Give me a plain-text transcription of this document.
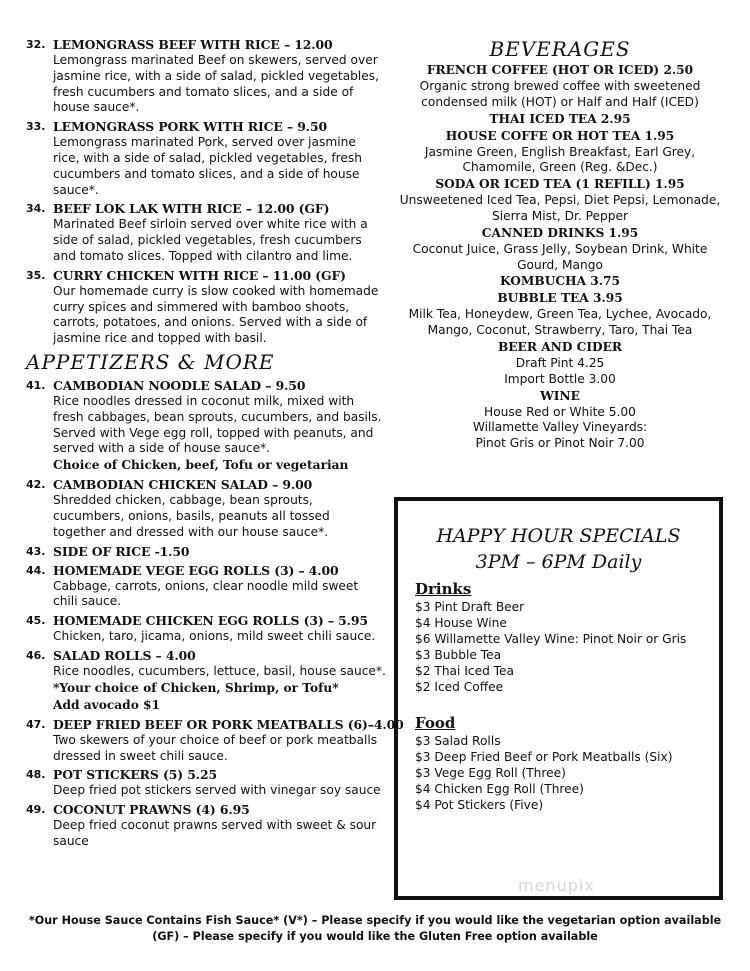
32. LEMONGRASS BEEF WITH RICE – 12.00
Lemongrass marinated Beef on skewers, served over jasmine rice, with a side of salad, pickled vegetables, fresh cucumbers and tomato slices, and a side of house sauce*.
33. LEMONGRASS PORK WITH RICE – 9.50
Lemongrass marinated Pork, served over jasmine rice, with a side of salad, pickled vegetables, fresh cucumbers and tomato slices, and a side of house sauce*.
34. BEEF LOK LAK WITH RICE – 12.00 (GF)
Marinated Beef sirloin served over white rice with a side of salad, pickled vegetables, fresh cucumbers and tomato slices. Topped with cilantro and lime.
35. CURRY CHICKEN WITH RICE – 11.00 (GF)
Our homemade curry is slow cooked with homemade curry spices and simmered with bamboo shoots, carrots, potatoes, and onions. Served with a side of jasmine rice and topped with basil.
APPETIZERS & MORE
41. CAMBODIAN NOODLE SALAD – 9.50
Rice noodles dressed in coconut milk, mixed with fresh cabbages, bean sprouts, cucumbers, and basils. Served with Vege egg roll, topped with peanuts, and served with a side of house sauce*.
Choice of Chicken, beef, Tofu or vegetarian
42. CAMBODIAN CHICKEN SALAD – 9.00
Shredded chicken, cabbage, bean sprouts, cucumbers, onions, basils, peanuts all tossed together and dressed with our house sauce*.
43. SIDE OF RICE -1.50
44. HOMEMADE VEGE EGG ROLLS (3) – 4.00
Cabbage, carrots, onions, clear noodle mild sweet chili sauce.
45. HOMEMADE CHICKEN EGG ROLLS (3) – 5.95
Chicken, taro, jicama, onions, mild sweet chili sauce.
46. SALAD ROLLS – 4.00
Rice noodles, cucumbers, lettuce, basil, house sauce*.
*Your choice of Chicken, Shrimp, or Tofu*
Add avocado $1
47. DEEP FRIED BEEF OR PORK MEATBALLS (6)–4.00
Two skewers of your choice of beef or pork meatballs dressed in sweet chili sauce.
48. POT STICKERS (5) 5.25
Deep fried pot stickers served with vinegar soy sauce
49. COCONUT PRAWNS (4) 6.95
Deep fried coconut prawns served with sweet & sour sauce
BEVERAGES
FRENCH COFFEE (HOT OR ICED) 2.50
Organic strong brewed coffee with sweetened
condensed milk (HOT) or Half and Half (ICED)
THAI ICED TEA 2.95
HOUSE COFFE OR HOT TEA 1.95
Jasmine Green, English Breakfast, Earl Grey,
Chamomile, Green (Reg. &Dec.)
SODA OR ICED TEA (1 REFILL) 1.95
Unsweetened Iced Tea, Pepsi, Diet Pepsi, Lemonade,
Sierra Mist, Dr. Pepper
CANNED DRINKS 1.95
Coconut Juice, Grass Jelly, Soybean Drink, White
Gourd, Mango
KOMBUCHA 3.75
BUBBLE TEA 3.95
Milk Tea, Honeydew, Green Tea, Lychee, Avocado,
Mango, Coconut, Strawberry, Taro, Thai Tea
BEER AND CIDER
Draft Pint 4.25
Import Bottle 3.00
WINE
House Red or White 5.00
Willamette Valley Vineyards:
Pinot Gris or Pinot Noir 7.00
HAPPY HOUR SPECIALS
3PM – 6PM Daily
Drinks
$3 Pint Draft Beer
$4 House Wine
$6 Willamette Valley Wine: Pinot Noir or Gris
$3 Bubble Tea
$2 Thai Iced Tea
$2 Iced Coffee
Food
$3 Salad Rolls
$3 Deep Fried Beef or Pork Meatballs (Six)
$3 Vege Egg Roll (Three)
$4 Chicken Egg Roll (Three)
$4 Pot Stickers (Five)
menupix
*Our House Sauce Contains Fish Sauce* (V*) – Please specify if you would like the vegetarian option available
(GF) – Please specify if you would like the Gluten Free option available
